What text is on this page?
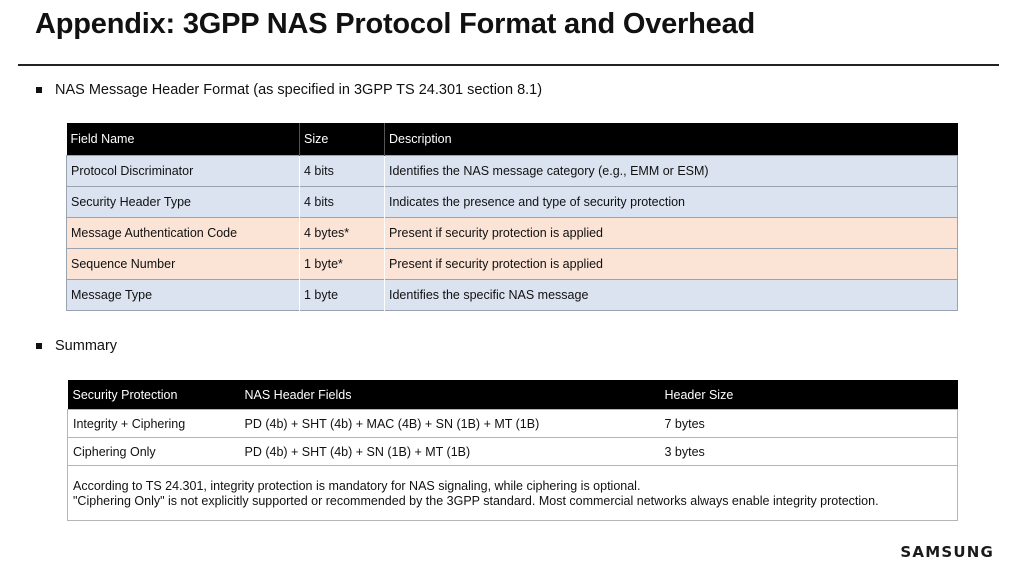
Appendix: 3GPP NAS Protocol Format and Overhead
NAS Message Header Format (as specified in 3GPP TS 24.301 section 8.1)
Field Name	Size	Description
Protocol Discriminator	4 bits	Identifies the NAS message category (e.g., EMM or ESM)
Security Header Type	4 bits	Indicates the presence and type of security protection
Message Authentication Code	4 bytes*	Present if security protection is applied
Sequence Number	1 byte*	Present if security protection is applied
Message Type	1 byte	Identifies the specific NAS message
Summary
Security Protection	NAS Header Fields	Header Size
Integrity + Ciphering	PD (4b) + SHT (4b) + MAC (4B) + SN (1B) + MT (1B)	7 bytes
Ciphering Only	PD (4b) + SHT (4b) + SN (1B) + MT (1B)	3 bytes

According to TS 24.301, integrity protection is mandatory for NAS signaling, while ciphering is optional.
"Ciphering Only" is not explicitly supported or recommended by the 3GPP standard. Most commercial networks always enable integrity protection.		
SAMSUNG
